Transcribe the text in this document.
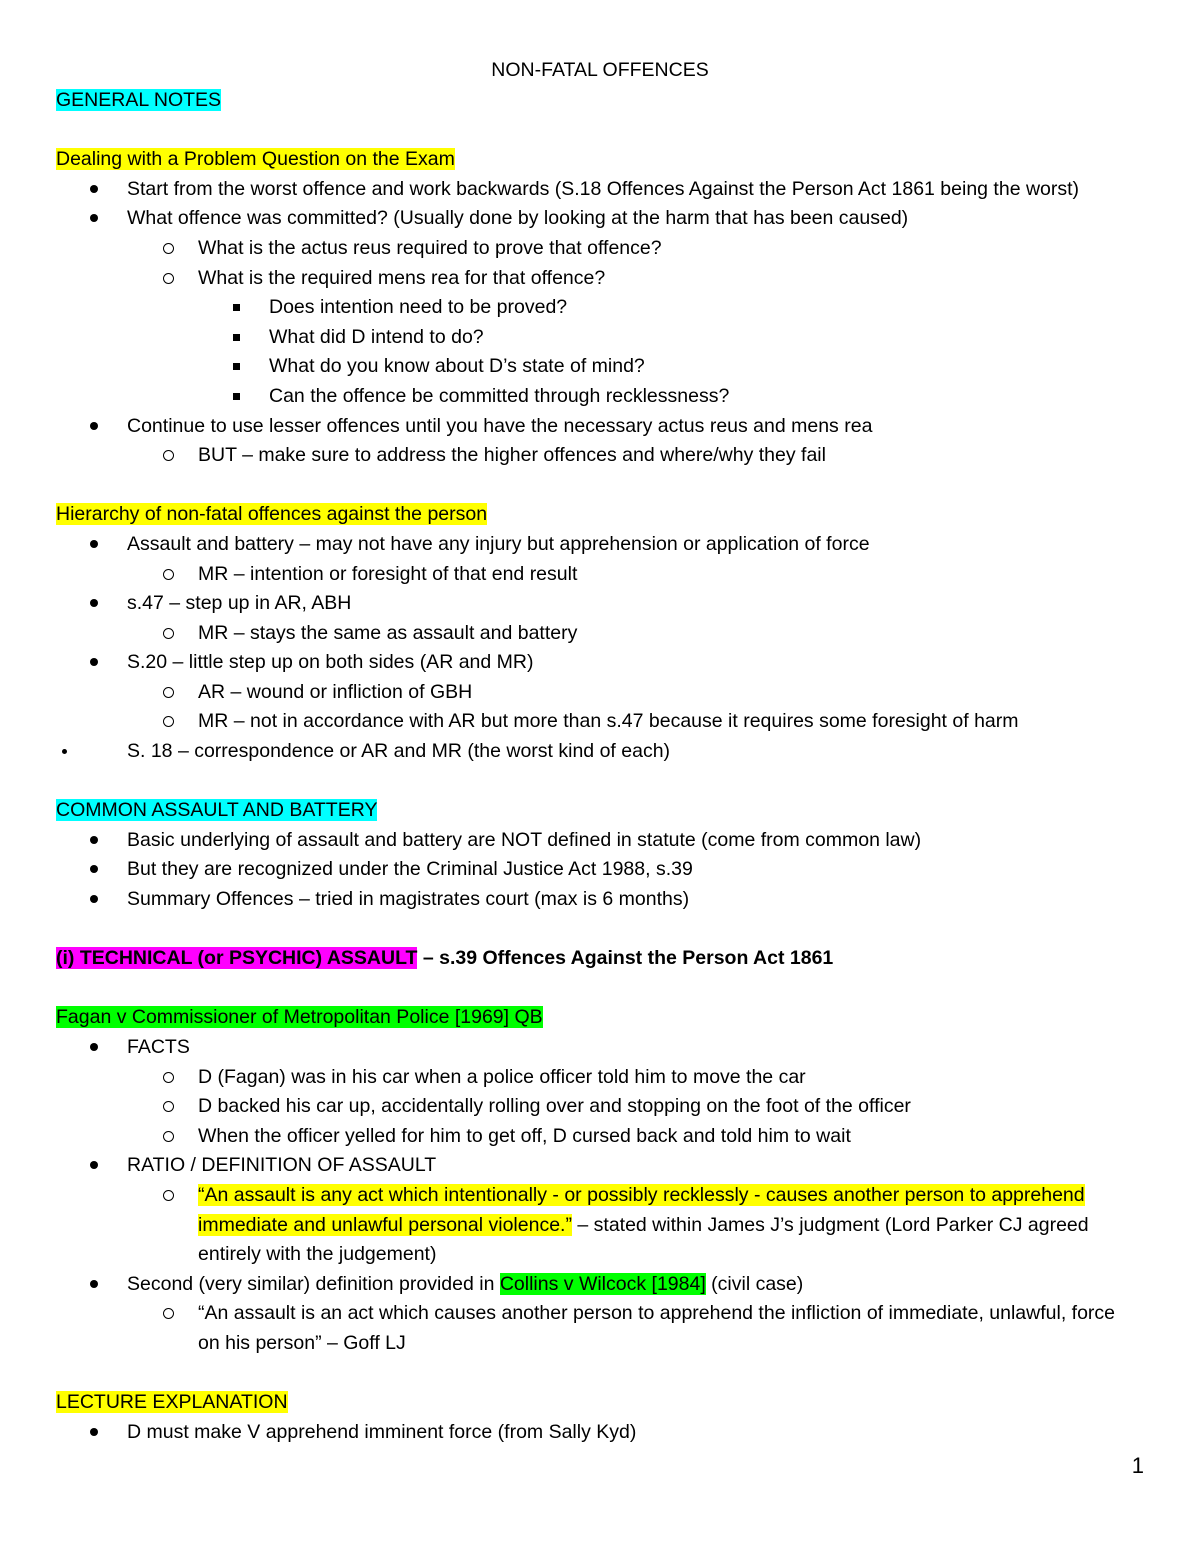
NON-FATAL OFFENCES
GENERAL NOTES
Dealing with a Problem Question on the Exam
Start from the worst offence and work backwards (S.18 Offences Against the Person Act 1861 being the worst)
What offence was committed? (Usually done by looking at the harm that has been caused)
What is the actus reus required to prove that offence?
What is the required mens rea for that offence?
Does intention need to be proved?
What did D intend to do?
What do you know about D’s state of mind?
Can the offence be committed through recklessness?
Continue to use lesser offences until you have the necessary actus reus and mens rea
BUT – make sure to address the higher offences and where/why they fail
Hierarchy of non-fatal offences against the person
Assault and battery – may not have any injury but apprehension or application of force
MR – intention or foresight of that end result
s.47 – step up in AR, ABH
MR – stays the same as assault and battery
S.20 – little step up on both sides (AR and MR)
AR – wound or infliction of GBH
MR – not in accordance with AR but more than s.47 because it requires some foresight of harm
S. 18 – correspondence or AR and MR (the worst kind of each)
COMMON ASSAULT AND BATTERY
Basic underlying of assault and battery are NOT defined in statute (come from common law)
But they are recognized under the Criminal Justice Act 1988, s.39
Summary Offences – tried in magistrates court (max is 6 months)
(i) TECHNICAL (or PSYCHIC) ASSAULT – s.39 Offences Against the Person Act 1861
Fagan v Commissioner of Metropolitan Police [1969] QB
FACTS
D (Fagan) was in his car when a police officer told him to move the car
D backed his car up, accidentally rolling over and stopping on the foot of the officer
When the officer yelled for him to get off, D cursed back and told him to wait
RATIO / DEFINITION OF ASSAULT
“An assault is any act which intentionally - or possibly recklessly - causes another person to apprehend immediate and unlawful personal violence.” – stated within James J’s judgment (Lord Parker CJ agreed entirely with the judgement)
Second (very similar) definition provided in Collins v Wilcock [1984] (civil case)
“An assault is an act which causes another person to apprehend the infliction of immediate, unlawful, force on his person” – Goff LJ
LECTURE EXPLANATION
D must make V apprehend imminent force (from Sally Kyd)
1
